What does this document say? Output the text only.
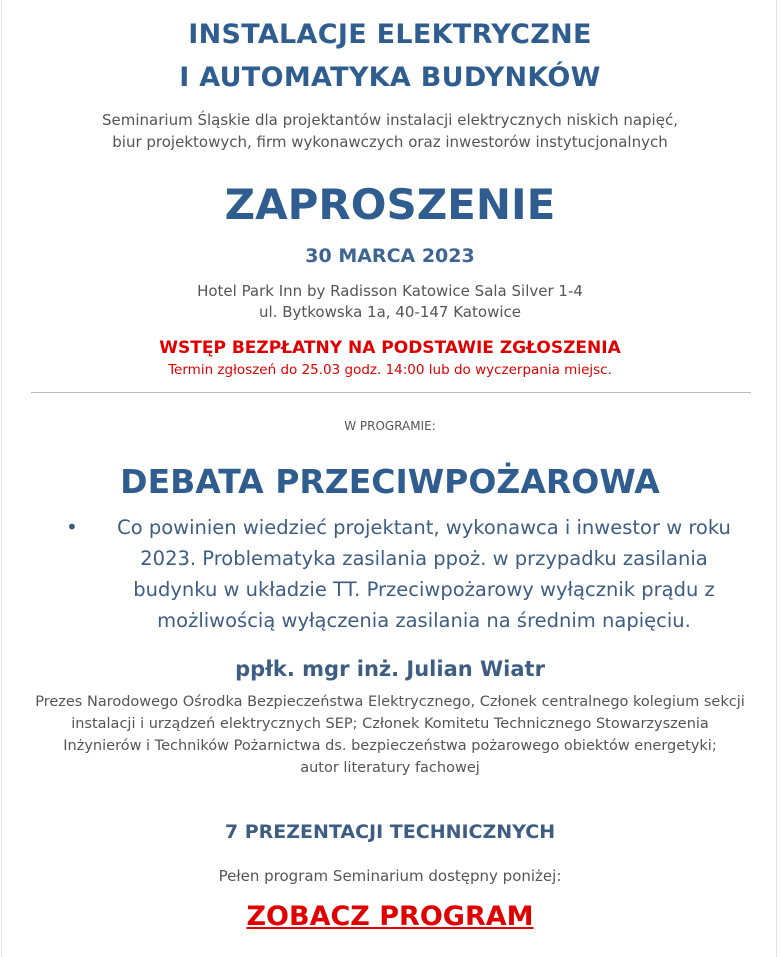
INSTALACJE ELEKTRYCZNE
I AUTOMATYKA BUDYNKÓW

Seminarium Śląskie dla projektantów instalacji elektrycznych niskich napięć,

biur projektowych, firm wykonawczych oraz inwestorów instytucjonalnych

ZAPROSZENIE

30 MARCA 2023

Hotel Park Inn by Radisson Katowice Sala Silver 1-4

ul. Bytkowska 1a, 40-147 Katowice

WSTĘP BEZPŁATNY NA PODSTAWIE ZGŁOSZENIA

Termin zgłoszeń do 25.03 godz. 14:00 lub do wyczerpania miejsc.

W PROGRAMIE:

DEBATA PRZECIWPOŻAROWA
•	Co powinien wiedzieć projektant, wykonawca i inwestor w roku
2023. Problematyka zasilania ppoż. w przypadku zasilania
budynku w układzie TT. Przeciwpożarowy wyłącznik prądu z
możliwością wyłączenia zasilania na średnim napięciu.

ppłk. mgr inż. Julian Wiatr

Prezes Narodowego Ośrodka Bezpieczeństwa Elektrycznego, Członek centralnego kolegium sekcji
instalacji i urządzeń elektrycznych SEP; Członek Komitetu Technicznego Stowarzyszenia
Inżynierów i Techników Pożarnictwa ds. bezpieczeństwa pożarowego obiektów energetyki;
autor literatury fachowej

7 PREZENTACJI TECHNICZNYCH

Pełen program Seminarium dostępny poniżej:

ZOBACZ PROGRAM
